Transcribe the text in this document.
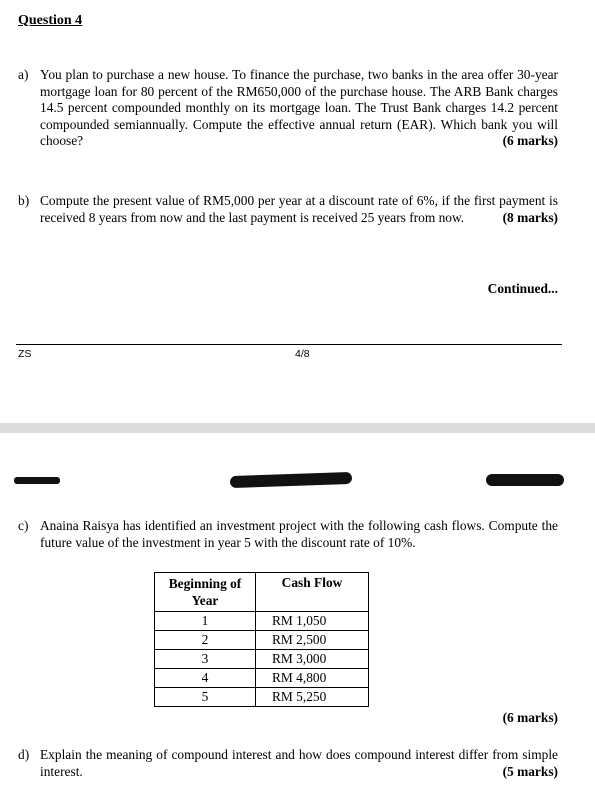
Question 4
a) You plan to purchase a new house. To finance the purchase, two banks in the area offer 30-year mortgage loan for 80 percent of the RM650,000 of the purchase house. The ARB Bank charges 14.5 percent compounded monthly on its mortgage loan. The Trust Bank charges 14.2 percent compounded semiannually. Compute the effective annual return (EAR). Which bank you will choose?	(6 marks)
b) Compute the present value of RM5,000 per year at a discount rate of 6%, if the first payment is received 8 years from now and the last payment is received 25 years from now.	(8 marks)
Continued...
ZS	4/8
c) Anaina Raisya has identified an investment project with the following cash flows. Compute the future value of the investment in year 5 with the discount rate of 10%.
Beginning of Year	Cash Flow
1	RM 1,050
2	RM 2,500
3	RM 3,000
4	RM 4,800
5	RM 5,250
(6 marks)
d) Explain the meaning of compound interest and how does compound interest differ from simple interest.	(5 marks)
